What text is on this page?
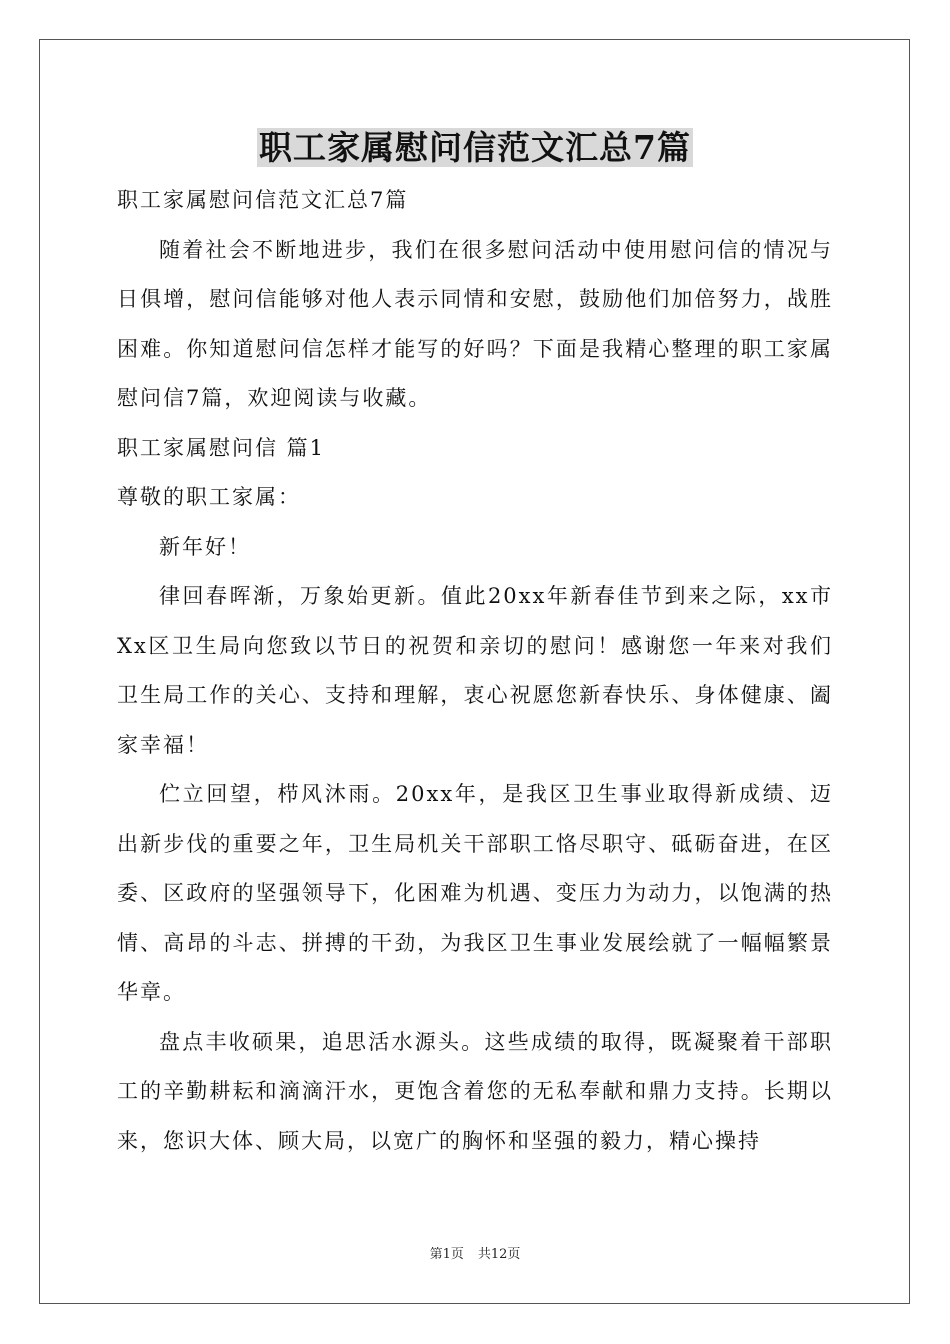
职工家属慰问信范文汇总7篇

职工家属慰问信范文汇总7篇

随着社会不断地进步，我们在很多慰问活动中使用慰问信的情况与日俱增，慰问信能够对他人表示同情和安慰，鼓励他们加倍努力，战胜困难。你知道慰问信怎样才能写的好吗？下面是我精心整理的职工家属慰问信7篇，欢迎阅读与收藏。

职工家属慰问信 篇1

尊敬的职工家属：

新年好！

律回春晖渐，万象始更新。值此20xx年新春佳节到来之际，xx市Xx区卫生局向您致以节日的祝贺和亲切的慰问！感谢您一年来对我们卫生局工作的关心、支持和理解，衷心祝愿您新春快乐、身体健康、阖家幸福！

伫立回望，栉风沐雨。20xx年，是我区卫生事业取得新成绩、迈出新步伐的重要之年，卫生局机关干部职工恪尽职守、砥砺奋进，在区委、区政府的坚强领导下，化困难为机遇、变压力为动力，以饱满的热情、高昂的斗志、拼搏的干劲，为我区卫生事业发展绘就了一幅幅繁景华章。

盘点丰收硕果，追思活水源头。这些成绩的取得，既凝聚着干部职工的辛勤耕耘和滴滴汗水，更饱含着您的无私奉献和鼎力支持。长期以来，您识大体、顾大局，以宽广的胸怀和坚强的毅力，精心操持

第1页 共12页
